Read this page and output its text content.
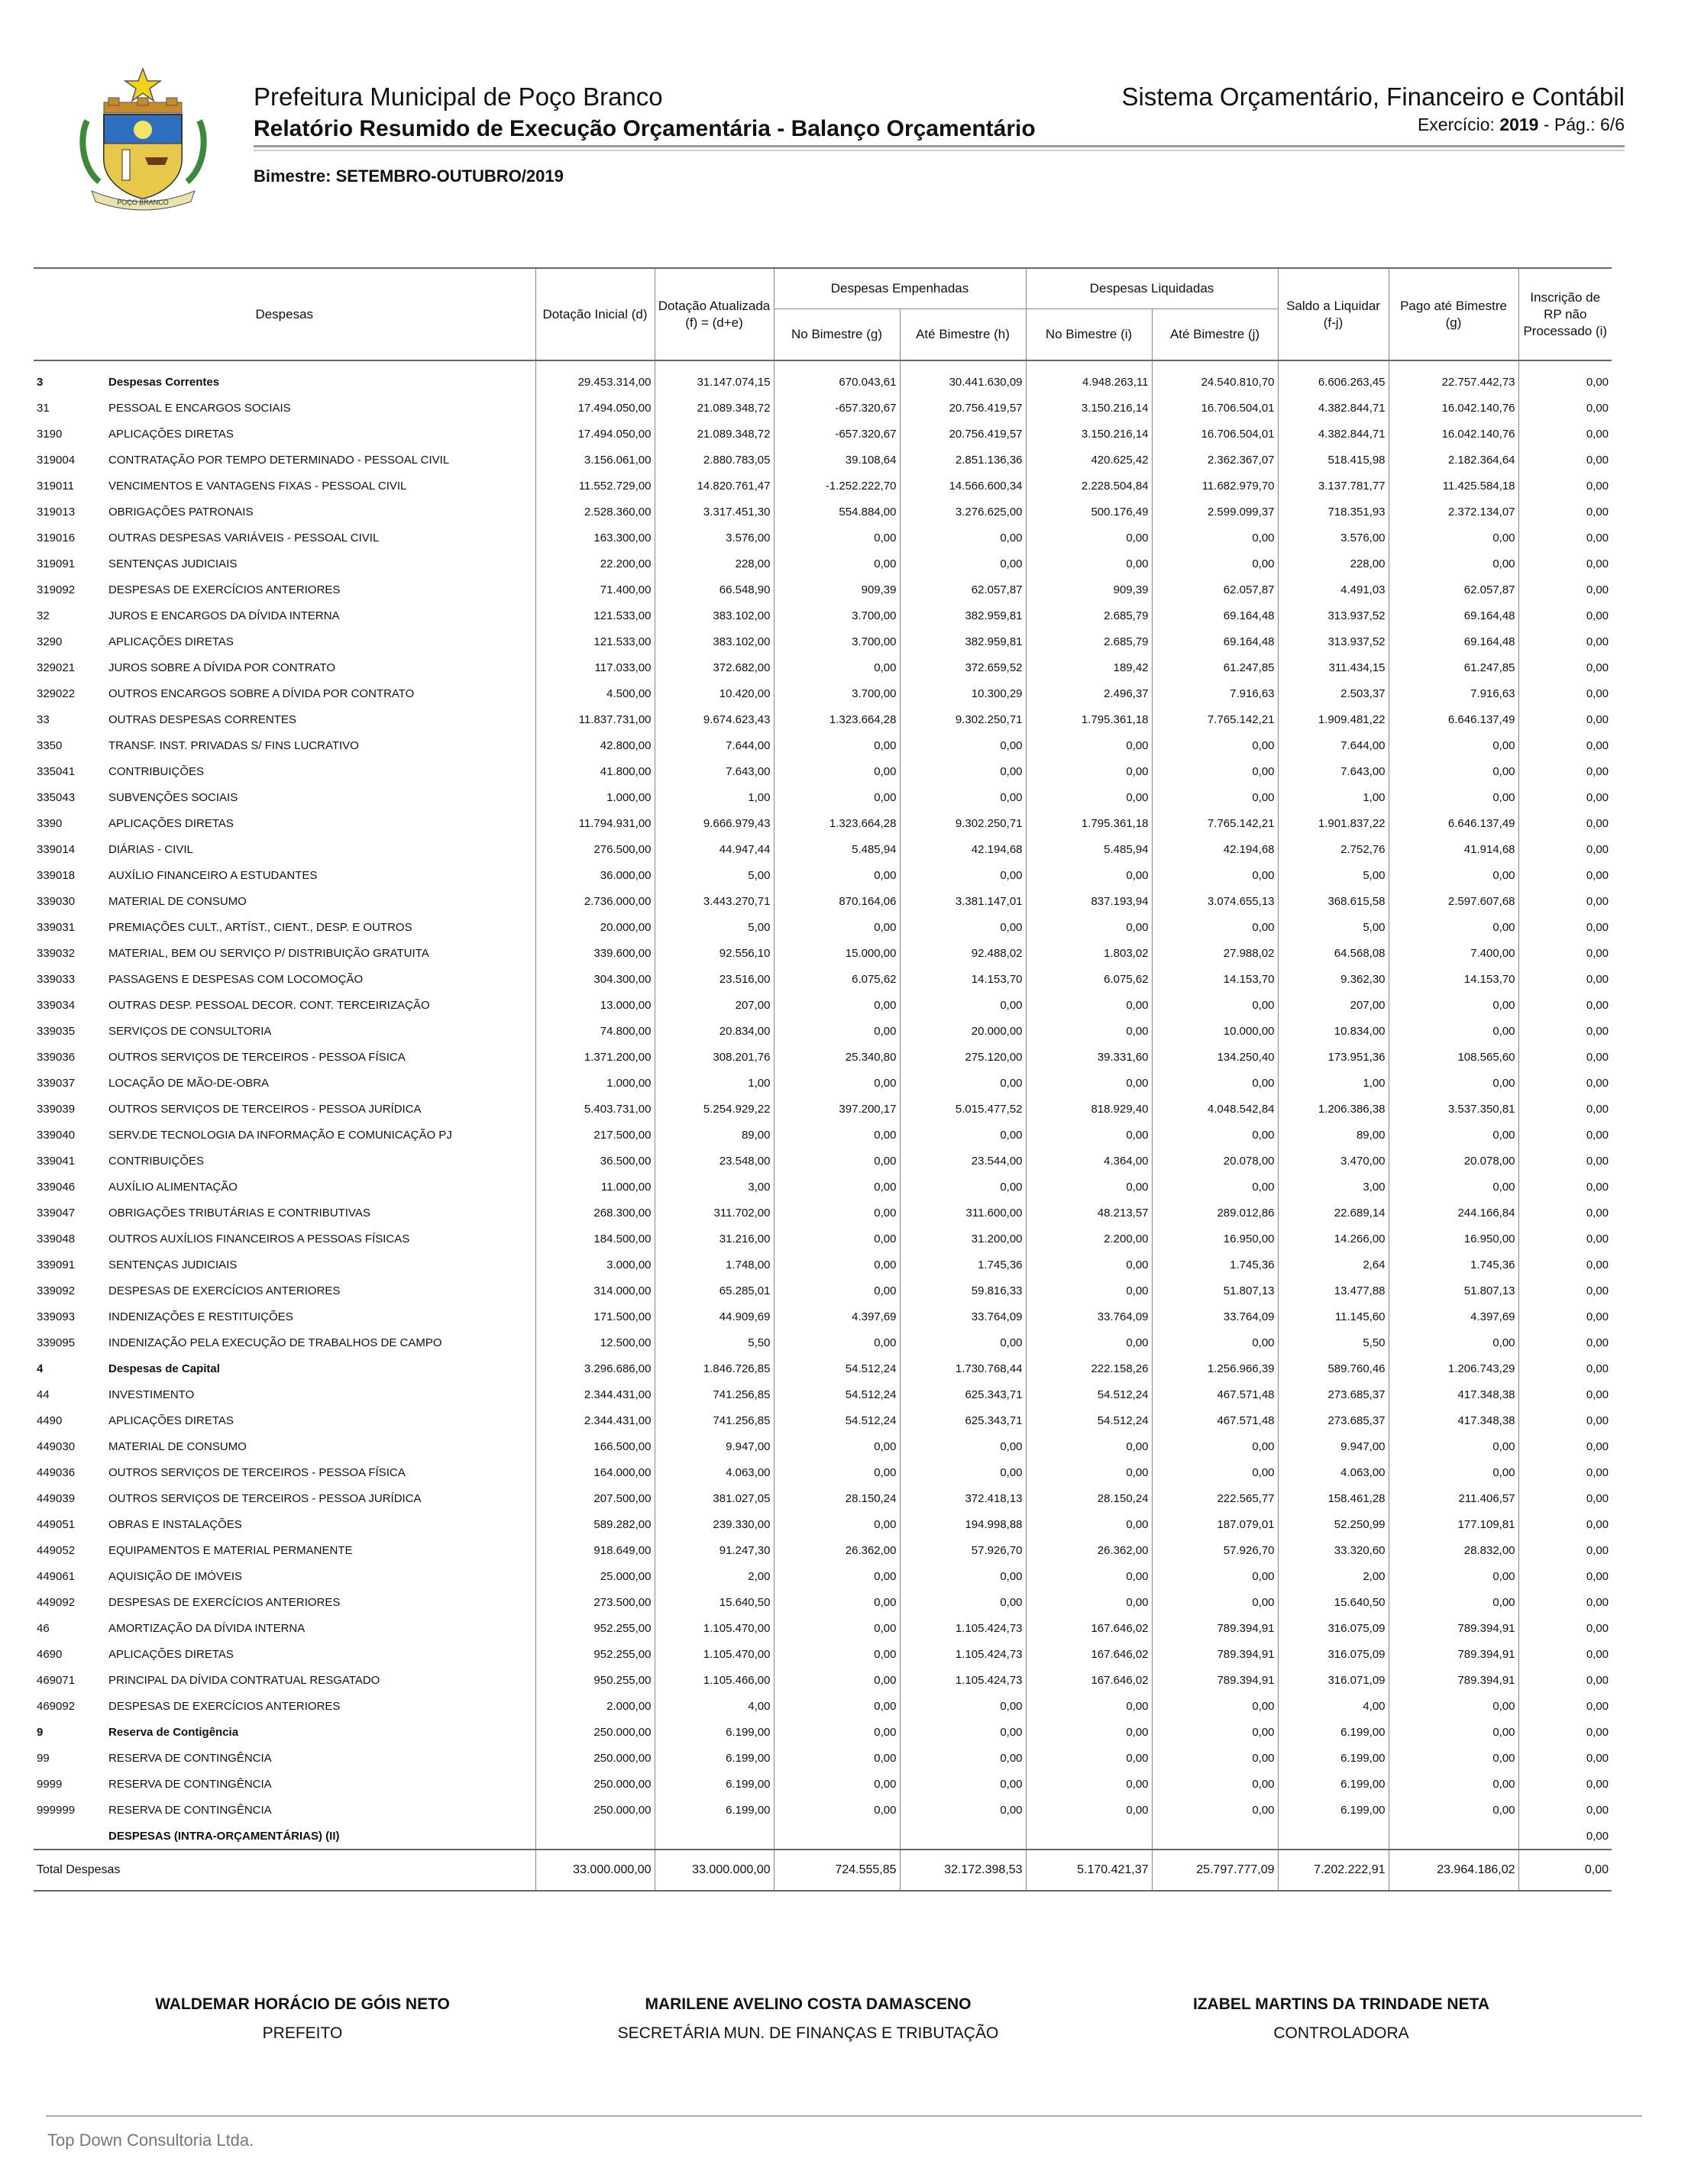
POÇO BRANCO
Prefeitura Municipal de Poço Branco
Relatório Resumido de Execução Orçamentária - Balanço Orçamentário
Sistema Orçamentário, Financeiro e Contábil
Exercício: 2019 - Pág.: 6/6
Bimestre: SETEMBRO-OUTUBRO/2019
Despesas	Dotação Inicial (d)	Dotação Atualizada (f) = (d+e)	Despesas Empenhadas		Despesas Liquidadas		Saldo a Liquidar (f-j)	Pago até Bimestre (g)	Inscrição de RP não Processado (i)
			No Bimestre (g)	Até Bimestre (h)	No Bimestre (i)	Até Bimestre (j)			
3 Despesas Correntes	29.453.314,00	31.147.074,15	670.043,61	30.441.630,09	4.948.263,11	24.540.810,70	6.606.263,45	22.757.442,73	0,00
31 PESSOAL E ENCARGOS SOCIAIS	17.494.050,00	21.089.348,72	-657.320,67	20.756.419,57	3.150.216,14	16.706.504,01	4.382.844,71	16.042.140,76	0,00
3190 APLICAÇÕES DIRETAS	17.494.050,00	21.089.348,72	-657.320,67	20.756.419,57	3.150.216,14	16.706.504,01	4.382.844,71	16.042.140,76	0,00
319004 CONTRATAÇÃO POR TEMPO DETERMINADO - PESSOAL CIVIL	3.156.061,00	2.880.783,05	39.108,64	2.851.136,36	420.625,42	2.362.367,07	518.415,98	2.182.364,64	0,00
319011 VENCIMENTOS E VANTAGENS FIXAS - PESSOAL CIVIL	11.552.729,00	14.820.761,47	-1.252.222,70	14.566.600,34	2.228.504,84	11.682.979,70	3.137.781,77	11.425.584,18	0,00
319013 OBRIGAÇÕES PATRONAIS	2.528.360,00	3.317.451,30	554.884,00	3.276.625,00	500.176,49	2.599.099,37	718.351,93	2.372.134,07	0,00
319016 OUTRAS DESPESAS VARIÁVEIS - PESSOAL CIVIL	163.300,00	3.576,00	0,00	0,00	0,00	0,00	3.576,00	0,00	0,00
319091 SENTENÇAS JUDICIAIS	22.200,00	228,00	0,00	0,00	0,00	0,00	228,00	0,00	0,00
319092 DESPESAS DE EXERCÍCIOS ANTERIORES	71.400,00	66.548,90	909,39	62.057,87	909,39	62.057,87	4.491,03	62.057,87	0,00
32 JUROS E ENCARGOS DA DÍVIDA INTERNA	121.533,00	383.102,00	3.700,00	382.959,81	2.685,79	69.164,48	313.937,52	69.164,48	0,00
3290 APLICAÇÕES DIRETAS	121.533,00	383.102,00	3.700,00	382.959,81	2.685,79	69.164,48	313.937,52	69.164,48	0,00
329021 JUROS SOBRE A DÍVIDA POR CONTRATO	117.033,00	372.682,00	0,00	372.659,52	189,42	61.247,85	311.434,15	61.247,85	0,00
329022 OUTROS ENCARGOS SOBRE A DÍVIDA POR CONTRATO	4.500,00	10.420,00	3.700,00	10.300,29	2.496,37	7.916,63	2.503,37	7.916,63	0,00
33 OUTRAS DESPESAS CORRENTES	11.837.731,00	9.674.623,43	1.323.664,28	9.302.250,71	1.795.361,18	7.765.142,21	1.909.481,22	6.646.137,49	0,00
3350 TRANSF. INST. PRIVADAS S/ FINS LUCRATIVO	42.800,00	7.644,00	0,00	0,00	0,00	0,00	7.644,00	0,00	0,00
335041 CONTRIBUIÇÕES	41.800,00	7.643,00	0,00	0,00	0,00	0,00	7.643,00	0,00	0,00
335043 SUBVENÇÕES SOCIAIS	1.000,00	1,00	0,00	0,00	0,00	0,00	1,00	0,00	0,00
3390 APLICAÇÕES DIRETAS	11.794.931,00	9.666.979,43	1.323.664,28	9.302.250,71	1.795.361,18	7.765.142,21	1.901.837,22	6.646.137,49	0,00
339014 DIÁRIAS - CIVIL	276.500,00	44.947,44	5.485,94	42.194,68	5.485,94	42.194,68	2.752,76	41.914,68	0,00
339018 AUXÍLIO FINANCEIRO A ESTUDANTES	36.000,00	5,00	0,00	0,00	0,00	0,00	5,00	0,00	0,00
339030 MATERIAL DE CONSUMO	2.736.000,00	3.443.270,71	870.164,06	3.381.147,01	837.193,94	3.074.655,13	368.615,58	2.597.607,68	0,00
339031 PREMIAÇÕES CULT., ARTÍST., CIENT., DESP. E OUTROS	20.000,00	5,00	0,00	0,00	0,00	0,00	5,00	0,00	0,00
339032 MATERIAL, BEM OU SERVIÇO P/ DISTRIBUIÇÃO GRATUITA	339.600,00	92.556,10	15.000,00	92.488,02	1.803,02	27.988,02	64.568,08	7.400,00	0,00
339033 PASSAGENS E DESPESAS COM LOCOMOÇÃO	304.300,00	23.516,00	6.075,62	14.153,70	6.075,62	14.153,70	9.362,30	14.153,70	0,00
339034 OUTRAS DESP. PESSOAL DECOR. CONT. TERCEIRIZAÇÃO	13.000,00	207,00	0,00	0,00	0,00	0,00	207,00	0,00	0,00
339035 SERVIÇOS DE CONSULTORIA	74.800,00	20.834,00	0,00	20.000,00	0,00	10.000,00	10.834,00	0,00	0,00
339036 OUTROS SERVIÇOS DE TERCEIROS - PESSOA FÍSICA	1.371.200,00	308.201,76	25.340,80	275.120,00	39.331,60	134.250,40	173.951,36	108.565,60	0,00
339037 LOCAÇÃO DE MÃO-DE-OBRA	1.000,00	1,00	0,00	0,00	0,00	0,00	1,00	0,00	0,00
339039 OUTROS SERVIÇOS DE TERCEIROS - PESSOA JURÍDICA	5.403.731,00	5.254.929,22	397.200,17	5.015.477,52	818.929,40	4.048.542,84	1.206.386,38	3.537.350,81	0,00
339040 SERV.DE TECNOLOGIA DA INFORMAÇÃO E COMUNICAÇÃO PJ	217.500,00	89,00	0,00	0,00	0,00	0,00	89,00	0,00	0,00
339041 CONTRIBUIÇÕES	36.500,00	23.548,00	0,00	23.544,00	4.364,00	20.078,00	3.470,00	20.078,00	0,00
339046 AUXÍLIO ALIMENTAÇÃO	11.000,00	3,00	0,00	0,00	0,00	0,00	3,00	0,00	0,00
339047 OBRIGAÇÕES TRIBUTÁRIAS E CONTRIBUTIVAS	268.300,00	311.702,00	0,00	311.600,00	48.213,57	289.012,86	22.689,14	244.166,84	0,00
339048 OUTROS AUXÍLIOS FINANCEIROS A PESSOAS FÍSICAS	184.500,00	31.216,00	0,00	31.200,00	2.200,00	16.950,00	14.266,00	16.950,00	0,00
339091 SENTENÇAS JUDICIAIS	3.000,00	1.748,00	0,00	1.745,36	0,00	1.745,36	2,64	1.745,36	0,00
339092 DESPESAS DE EXERCÍCIOS ANTERIORES	314.000,00	65.285,01	0,00	59.816,33	0,00	51.807,13	13.477,88	51.807,13	0,00
339093 INDENIZAÇÕES E RESTITUIÇÕES	171.500,00	44.909,69	4.397,69	33.764,09	33.764,09	33.764,09	11.145,60	4.397,69	0,00
339095 INDENIZAÇÃO PELA EXECUÇÃO DE TRABALHOS DE CAMPO	12.500,00	5,50	0,00	0,00	0,00	0,00	5,50	0,00	0,00
4 Despesas de Capital	3.296.686,00	1.846.726,85	54.512,24	1.730.768,44	222.158,26	1.256.966,39	589.760,46	1.206.743,29	0,00
44 INVESTIMENTO	2.344.431,00	741.256,85	54.512,24	625.343,71	54.512,24	467.571,48	273.685,37	417.348,38	0,00
4490 APLICAÇÕES DIRETAS	2.344.431,00	741.256,85	54.512,24	625.343,71	54.512,24	467.571,48	273.685,37	417.348,38	0,00
449030 MATERIAL DE CONSUMO	166.500,00	9.947,00	0,00	0,00	0,00	0,00	9.947,00	0,00	0,00
449036 OUTROS SERVIÇOS DE TERCEIROS - PESSOA FÍSICA	164.000,00	4.063,00	0,00	0,00	0,00	0,00	4.063,00	0,00	0,00
449039 OUTROS SERVIÇOS DE TERCEIROS - PESSOA JURÍDICA	207.500,00	381.027,05	28.150,24	372.418,13	28.150,24	222.565,77	158.461,28	211.406,57	0,00
449051 OBRAS E INSTALAÇÕES	589.282,00	239.330,00	0,00	194.998,88	0,00	187.079,01	52.250,99	177.109,81	0,00
449052 EQUIPAMENTOS E MATERIAL PERMANENTE	918.649,00	91.247,30	26.362,00	57.926,70	26.362,00	57.926,70	33.320,60	28.832,00	0,00
449061 AQUISIÇÃO DE IMÓVEIS	25.000,00	2,00	0,00	0,00	0,00	0,00	2,00	0,00	0,00
449092 DESPESAS DE EXERCÍCIOS ANTERIORES	273.500,00	15.640,50	0,00	0,00	0,00	0,00	15.640,50	0,00	0,00
46 AMORTIZAÇÃO DA DÍVIDA INTERNA	952.255,00	1.105.470,00	0,00	1.105.424,73	167.646,02	789.394,91	316.075,09	789.394,91	0,00
4690 APLICAÇÕES DIRETAS	952.255,00	1.105.470,00	0,00	1.105.424,73	167.646,02	789.394,91	316.075,09	789.394,91	0,00
469071 PRINCIPAL DA DÍVIDA CONTRATUAL RESGATADO	950.255,00	1.105.466,00	0,00	1.105.424,73	167.646,02	789.394,91	316.071,09	789.394,91	0,00
469092 DESPESAS DE EXERCÍCIOS ANTERIORES	2.000,00	4,00	0,00	0,00	0,00	0,00	4,00	0,00	0,00
9 Reserva de Contigência	250.000,00	6.199,00	0,00	0,00	0,00	0,00	6.199,00	0,00	0,00
99 RESERVA DE CONTINGÊNCIA	250.000,00	6.199,00	0,00	0,00	0,00	0,00	6.199,00	0,00	0,00
9999 RESERVA DE CONTINGÊNCIA	250.000,00	6.199,00	0,00	0,00	0,00	0,00	6.199,00	0,00	0,00
999999 RESERVA DE CONTINGÊNCIA	250.000,00	6.199,00	0,00	0,00	0,00	0,00	6.199,00	0,00	0,00
DESPESAS (INTRA-ORÇAMENTÁRIAS) (II)									0,00
Total Despesas	33.000.000,00	33.000.000,00	724.555,85	32.172.398,53	5.170.421,37	25.797.777,09	7.202.222,91	23.964.186,02	0,00
WALDEMAR HORÁCIO DE GÓIS NETO
PREFEITO
MARILENE AVELINO COSTA DAMASCENO
SECRETÁRIA MUN. DE FINANÇAS E TRIBUTAÇÃO
IZABEL MARTINS DA TRINDADE NETA
CONTROLADORA
Top Down Consultoria Ltda.
